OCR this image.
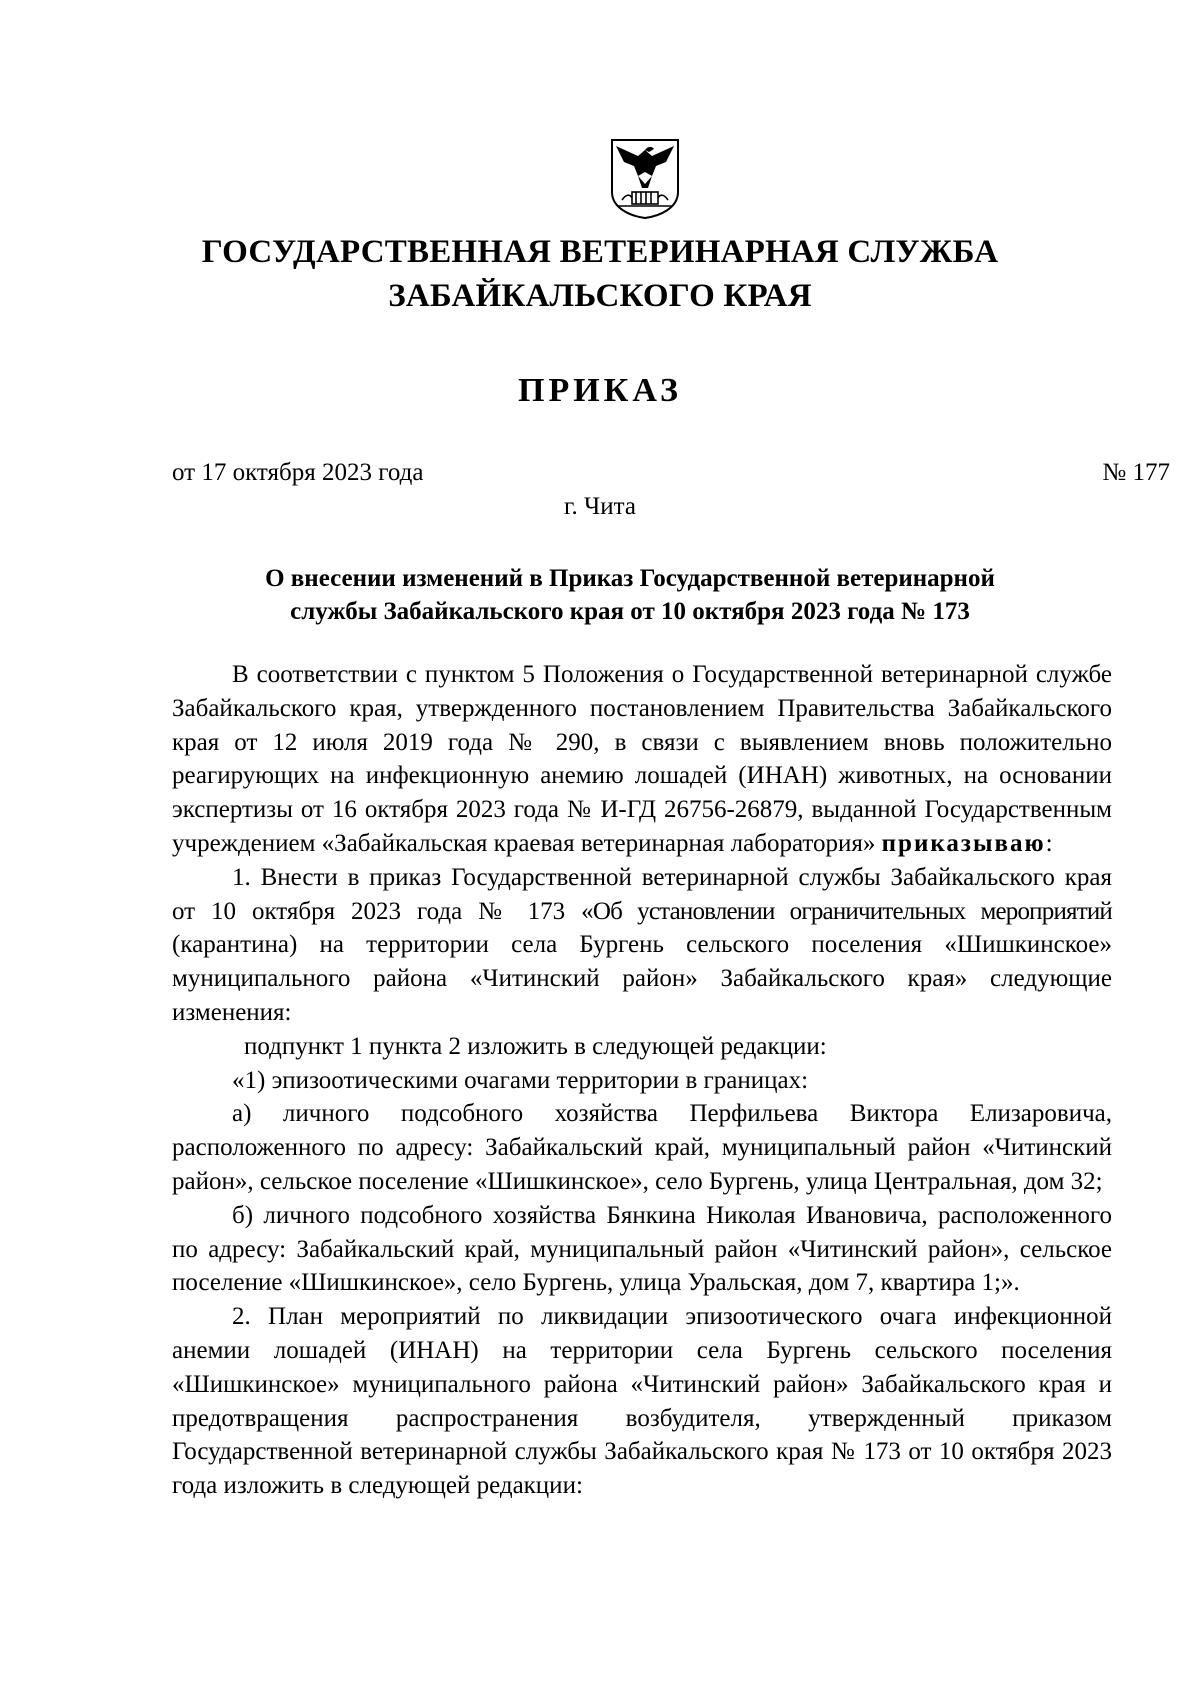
ГОСУДАРСТВЕННАЯ ВЕТЕРИНАРНАЯ СЛУЖБА
ЗАБАЙКАЛЬСКОГО КРАЯ
ПРИКАЗ
от 17 октября 2023 года	№ 177
г. Чита
О внесении изменений в Приказ Государственной ветеринарной
службы Забайкальского края от 10 октября 2023 года № 173

В соответствии с пунктом 5 Положения о Государственной ветеринарной службе Забайкальского края, утвержденного постановлением Правительства Забайкальского края от 12 июля 2019 года № 290, в связи с выявлением вновь положительно реагирующих на инфекционную анемию лошадей (ИНАН) животных, на основании экспертизы от 16 октября 2023 года № И-ГД 26756-26879, выданной Государственным учреждением «Забайкальская краевая ветеринарная лаборатория» приказываю:

1. Внести в приказ Государственной ветеринарной службы Забайкальского края от 10 октября 2023 года № 173 «Об установлении ограничительных мероприятий (карантина) на территории села Бургень сельского поселения «Шишкинское» муниципального района «Читинский район» Забайкальского края» следующие изменения:

подпункт 1 пункта 2 изложить в следующей редакции:

«1) эпизоотическими очагами территории в границах:

а) личного подсобного хозяйства Перфильева Виктора Елизаровича, расположенного по адресу: Забайкальский край, муниципальный район «Читинский район», сельское поселение «Шишкинское», село Бургень, улица Центральная, дом 32;

б) личного подсобного хозяйства Бянкина Николая Ивановича, расположенного по адресу: Забайкальский край, муниципальный район «Читинский район», сельское поселение «Шишкинское», село Бургень, улица Уральская, дом 7, квартира 1;».

2. План мероприятий по ликвидации эпизоотического очага инфекционной анемии лошадей (ИНАН) на территории села Бургень сельского поселения «Шишкинское» муниципального района «Читинский район» Забайкальского края и предотвращения распространения возбудителя, утвержденный приказом Государственной ветеринарной службы Забайкальского края № 173 от 10 октября 2023 года изложить в следующей редакции:
